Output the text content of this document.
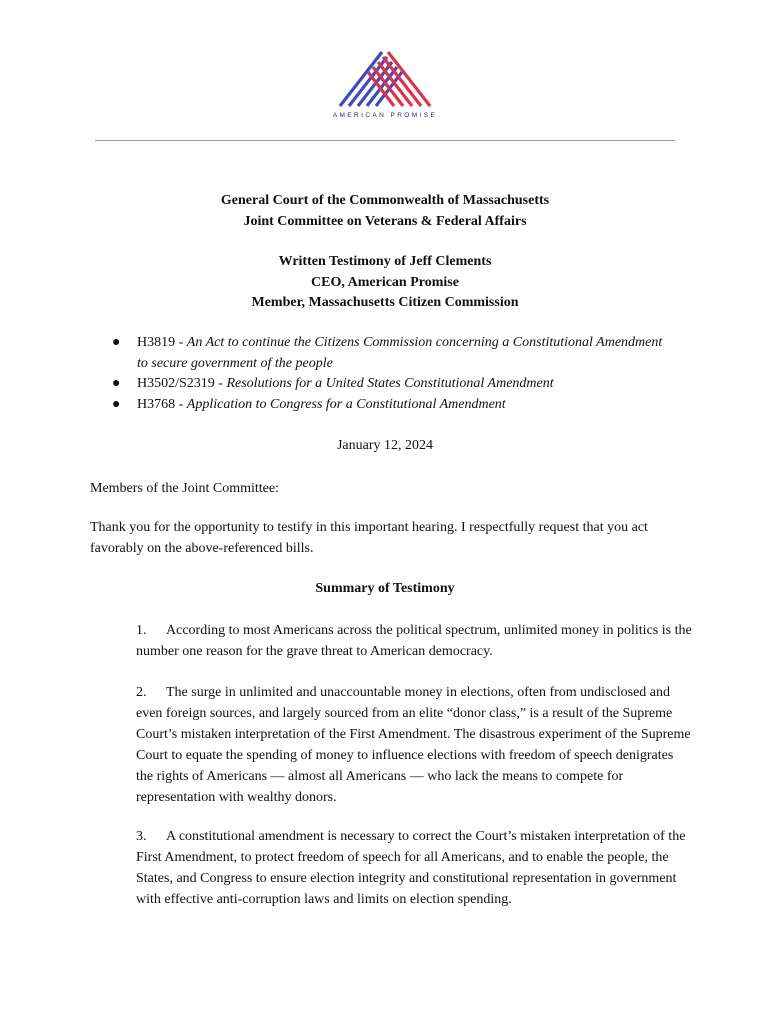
AMERICAN PROMISE
General Court of the Commonwealth of Massachusetts
Joint Committee on Veterans & Federal Affairs
Written Testimony of Jeff Clements
CEO, American Promise
Member, Massachusetts Citizen Commission
● H3819 - An Act to continue the Citizens Commission concerning a Constitutional Amendment to secure government of the people
● H3502/S2319 - Resolutions for a United States Constitutional Amendment
● H3768 - Application to Congress for a Constitutional Amendment
January 12, 2024
Members of the Joint Committee:
Thank you for the opportunity to testify in this important hearing. I respectfully request that you act favorably on the above-referenced bills.
Summary of Testimony
1. According to most Americans across the political spectrum, unlimited money in politics is the number one reason for the grave threat to American democracy.
2. The surge in unlimited and unaccountable money in elections, often from undisclosed and even foreign sources, and largely sourced from an elite “donor class,” is a result of the Supreme Court’s mistaken interpretation of the First Amendment. The disastrous experiment of the Supreme Court to equate the spending of money to influence elections with freedom of speech denigrates the rights of Americans — almost all Americans — who lack the means to compete for representation with wealthy donors.
3. A constitutional amendment is necessary to correct the Court’s mistaken interpretation of the First Amendment, to protect freedom of speech for all Americans, and to enable the people, the States, and Congress to ensure election integrity and constitutional representation in government with effective anti-corruption laws and limits on election spending.
